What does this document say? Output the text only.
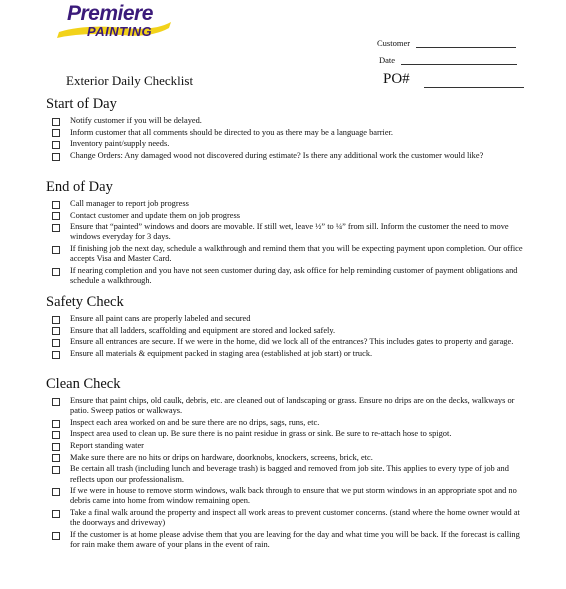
Premiere
PAINTING
Customer
Date
Exterior Daily Checklist	PO#
Start of Day
Notify customer if you will be delayed.
Inform customer that all comments should be directed to you as there may be a language barrier.
Inventory paint/supply needs.
Change Orders: Any damaged wood not discovered during estimate? Is there any additional work the customer would like?
End of Day
Call manager to report job progress
Contact customer and update them on job progress
Ensure that “painted” windows and doors are movable. If still wet, leave ½” to ¼” from sill. Inform the customer the need to move windows everyday for 3 days.
If finishing job the next day, schedule a walkthrough and remind them that you will be expecting payment upon completion. Our office accepts Visa and Master Card.
If nearing completion and you have not seen customer during day, ask office for help reminding customer of payment obligations and schedule a walkthrough.
Safety Check
Ensure all paint cans are properly labeled and secured
Ensure that all ladders, scaffolding and equipment are stored and locked safely.
Ensure all entrances are secure. If we were in the home, did we lock all of the entrances? This includes gates to property and garage.
Ensure all materials & equipment packed in staging area (established at job start) or truck.
Clean Check
Ensure that paint chips, old caulk, debris, etc. are cleaned out of landscaping or grass. Ensure no drips are on the decks, walkways or patio. Sweep patios or walkways.
Inspect each area worked on and be sure there are no drips, sags, runs, etc.
Inspect area used to clean up. Be sure there is no paint residue in grass or sink. Be sure to re-attach hose to spigot.
Report standing water
Make sure there are no hits or drips on hardware, doorknobs, knockers, screens, brick, etc.
Be certain all trash (including lunch and beverage trash) is bagged and removed from job site. This applies to every type of job and reflects upon our professionalism.
If we were in house to remove storm windows, walk back through to ensure that we put storm windows in an appropriate spot and no debris came into home from window remaining open.
Take a final walk around the property and inspect all work areas to prevent customer concerns. (stand where the home owner would at the doorways and driveway)
If the customer is at home please advise them that you are leaving for the day and what time you will be back. If the forecast is calling for rain make them aware of your plans in the event of rain.
